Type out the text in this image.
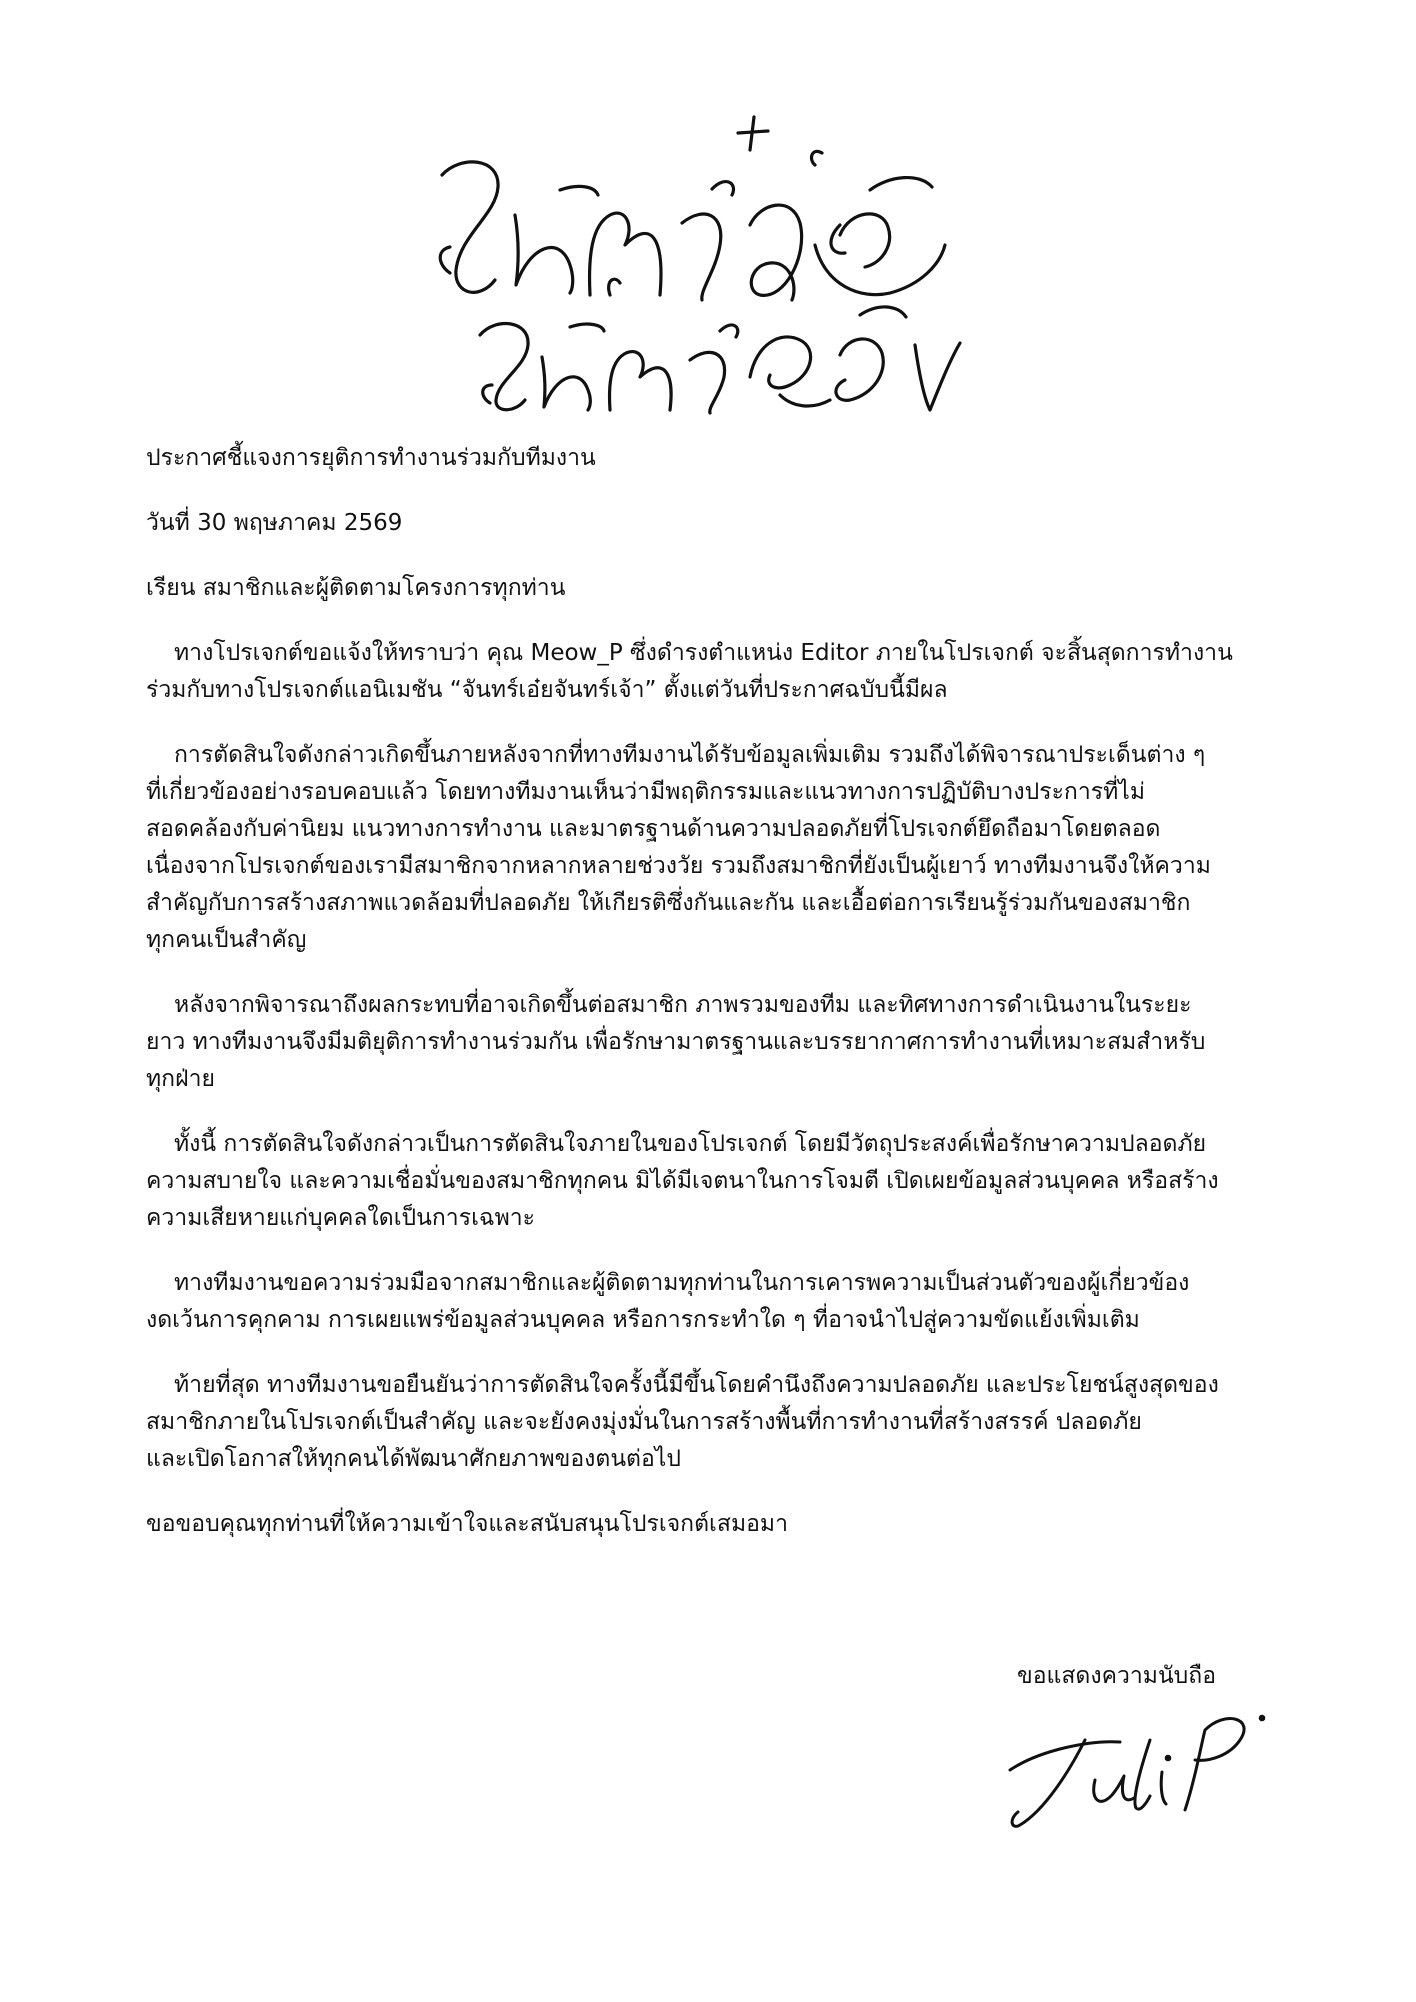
ประกาศชี้แจงการยุติการทำงานร่วมกับทีมงาน

วันที่ 30 พฤษภาคม 2569

เรียน สมาชิกและผู้ติดตามโครงการทุกท่าน

ทางโปรเจกต์ขอแจ้งให้ทราบว่า คุณ Meow_P ซึ่งดำรงตำแหน่ง Editor ภายในโปรเจกต์ จะสิ้นสุดการทำงาน
ร่วมกับทางโปรเจกต์แอนิเมชัน “จันทร์เอ๋ยจันทร์เจ้า” ตั้งแต่วันที่ประกาศฉบับนี้มีผล
การตัดสินใจดังกล่าวเกิดขึ้นภายหลังจากที่ทางทีมงานได้รับข้อมูลเพิ่มเติม รวมถึงได้พิจารณาประเด็นต่าง ๆ
ที่เกี่ยวข้องอย่างรอบคอบแล้ว โดยทางทีมงานเห็นว่ามีพฤติกรรมและแนวทางการปฏิบัติบางประการที่ไม่
สอดคล้องกับค่านิยม แนวทางการทำงาน และมาตรฐานด้านความปลอดภัยที่โปรเจกต์ยึดถือมาโดยตลอด
เนื่องจากโปรเจกต์ของเรามีสมาชิกจากหลากหลายช่วงวัย รวมถึงสมาชิกที่ยังเป็นผู้เยาว์ ทางทีมงานจึงให้ความ
สำคัญกับการสร้างสภาพแวดล้อมที่ปลอดภัย ให้เกียรติซึ่งกันและกัน และเอื้อต่อการเรียนรู้ร่วมกันของสมาชิก
ทุกคนเป็นสำคัญ
หลังจากพิจารณาถึงผลกระทบที่อาจเกิดขึ้นต่อสมาชิก ภาพรวมของทีม และทิศทางการดำเนินงานในระยะ
ยาว ทางทีมงานจึงมีมติยุติการทำงานร่วมกัน เพื่อรักษามาตรฐานและบรรยากาศการทำงานที่เหมาะสมสำหรับ
ทุกฝ่าย
ทั้งนี้ การตัดสินใจดังกล่าวเป็นการตัดสินใจภายในของโปรเจกต์ โดยมีวัตถุประสงค์เพื่อรักษาความปลอดภัย
ความสบายใจ และความเชื่อมั่นของสมาชิกทุกคน มิได้มีเจตนาในการโจมตี เปิดเผยข้อมูลส่วนบุคคล หรือสร้าง
ความเสียหายแก่บุคคลใดเป็นการเฉพาะ
ทางทีมงานขอความร่วมมือจากสมาชิกและผู้ติดตามทุกท่านในการเคารพความเป็นส่วนตัวของผู้เกี่ยวข้อง
งดเว้นการคุกคาม การเผยแพร่ข้อมูลส่วนบุคคล หรือการกระทำใด ๆ ที่อาจนำไปสู่ความขัดแย้งเพิ่มเติม
ท้ายที่สุด ทางทีมงานขอยืนยันว่าการตัดสินใจครั้งนี้มีขึ้นโดยคำนึงถึงความปลอดภัย และประโยชน์สูงสุดของ
สมาชิกภายในโปรเจกต์เป็นสำคัญ และจะยังคงมุ่งมั่นในการสร้างพื้นที่การทำงานที่สร้างสรรค์ ปลอดภัย
และเปิดโอกาสให้ทุกคนได้พัฒนาศักยภาพของตนต่อไป

ขอขอบคุณทุกท่านที่ให้ความเข้าใจและสนับสนุนโปรเจกต์เสมอมา

ขอแสดงความนับถือ
